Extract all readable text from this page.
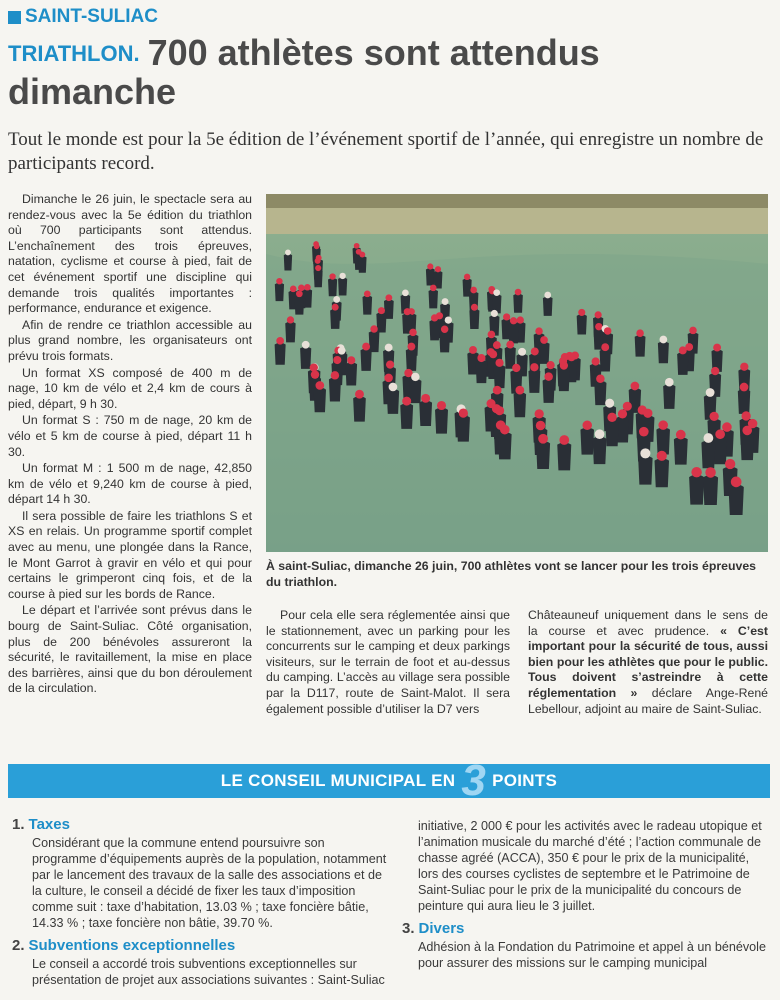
SAINT-SULIAC
TRIATHLON. 700 athlètes sont attendus dimanche

Tout le monde est pour la 5e édition de l’événement sportif de l’année, qui enregistre un nombre de participants record.

Dimanche le 26 juin, le spectacle sera au rendez-vous avec la 5e édition du triathlon où 700 participants sont attendus. L’enchaînement des trois épreuves, natation, cyclisme et course à pied, fait de cet événement sportif une discipline qui demande trois qualités importantes : performance, endurance et exigence.

Afin de rendre ce triathlon accessible au plus grand nombre, les organisateurs ont prévu trois formats.

Un format XS composé de 400 m de nage, 10 km de vélo et 2,4 km de cours à pied, départ, 9 h 30.

Un format S : 750 m de nage, 20 km de vélo et 5 km de course à pied, départ 11 h 30.

Un format M : 1 500 m de nage, 42,850 km de vélo et 9,240 km de course à pied, départ 14 h 30.

Il sera possible de faire les triathlons S et XS en relais. Un programme sportif complet avec au menu, une plongée dans la Rance, le Mont Garrot à gravir en vélo et qui pour certains le grimperont cinq fois, et de la course à pied sur les bords de Rance.

Le départ et l’arrivée sont prévus dans le bourg de Saint-Suliac. Côté organisation, plus de 200 bénévoles assureront la sécurité, le ravitaillement, la mise en place des barrières, ainsi que du bon déroulement de la circulation.

À saint-Suliac, dimanche 26 juin, 700 athlètes vont se lancer pour les trois épreuves du triathlon.

Pour cela elle sera réglementée ainsi que le stationnement, avec un parking pour les concurrents sur le camping et deux parkings visiteurs, sur le terrain de foot et au-dessus du camping. L’accès au village sera possible par la D117, route de Saint-Malot. Il sera également possible d’utiliser la D7 vers

Châteauneuf uniquement dans le sens de la course et avec prudence. « C’est important pour la sécurité de tous, aussi bien pour les athlètes que pour le public. Tous doivent s’astreindre à cette réglementation » déclare Ange-René Lebellour, adjoint au maire de Saint-Suliac.

LE CONSEIL MUNICIPAL EN 3 POINTS
1. Taxes

Considérant que la commune entend poursuivre son programme d’équipements auprès de la population, notamment par le lancement des travaux de la salle des associations et de la culture, le conseil a décidé de fixer les taux d’imposition comme suit : taxe d’habitation, 13.03 % ; taxe foncière bâtie, 14.33 % ; taxe foncière non bâtie, 39.70 %.

2. Subventions exceptionnelles

Le conseil a accordé trois subventions exceptionnelles sur présentation de projet aux associations suivantes : Saint-Suliac

initiative, 2 000 € pour les activités avec le radeau utopique et l’animation musicale du marché d’été ; l’action communale de chasse agréé (ACCA), 350 € pour le prix de la municipalité, lors des courses cyclistes de septembre et le Patrimoine de Saint-Suliac pour le prix de la municipalité du concours de peinture qui aura lieu le 3 juillet.

3. Divers

Adhésion à la Fondation du Patrimoine et appel à un bénévole pour assurer des missions sur le camping municipal
